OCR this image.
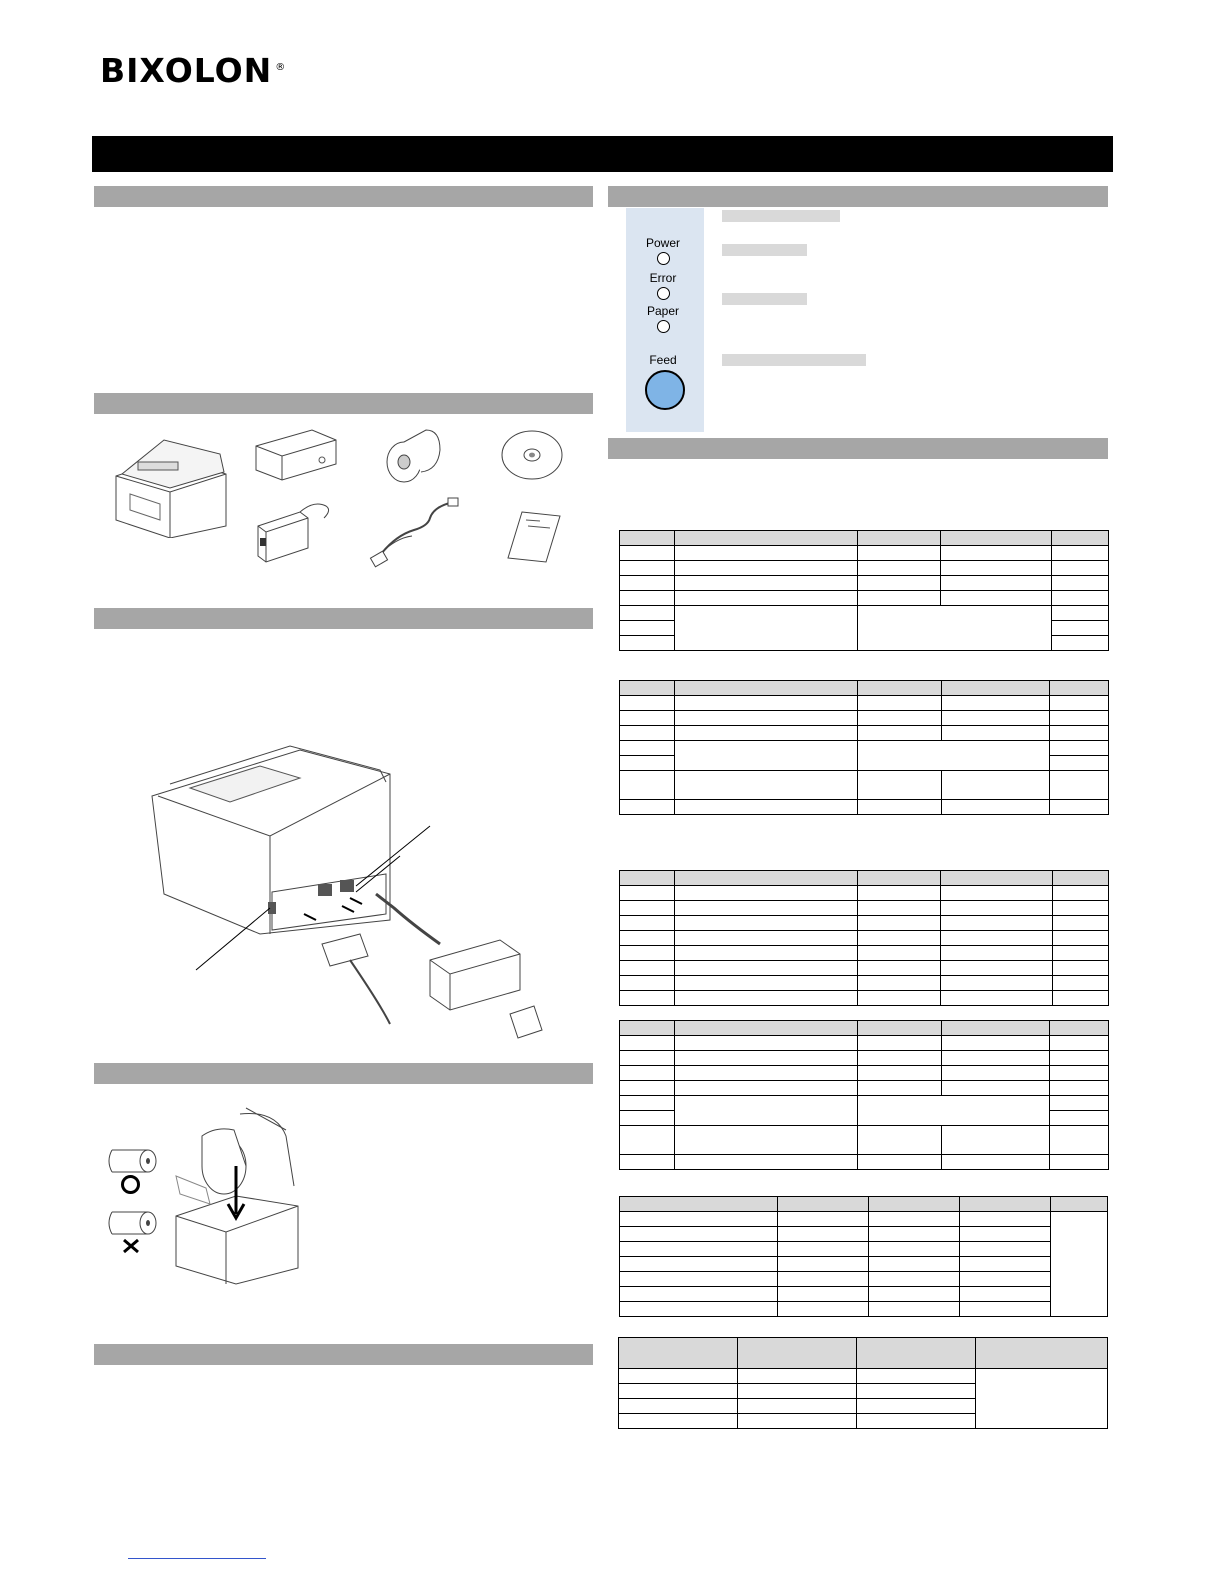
BIXOLON ®
Power
Error
Paper
Feed
